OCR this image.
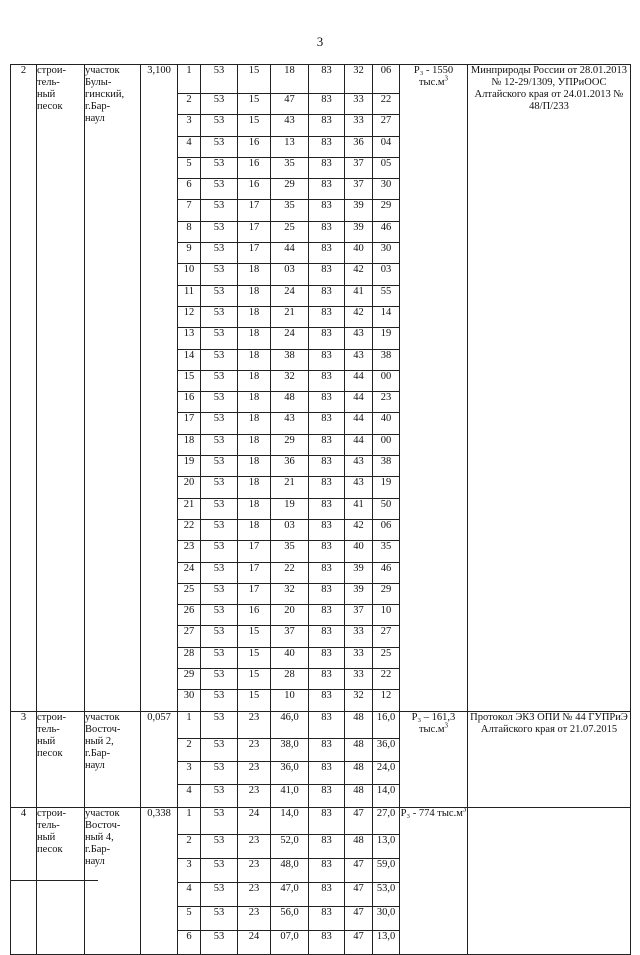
3
2	строи-
тель-
ный
песок	участок
Булы-
гинский,
г.Бар-
наул	3,100	1	53	15	18	83	32	06	P₃ - 1550 $тыс.м^3$	Минприроды России от 28.01.2013 № 12-29/1309, УПРиООС Алтайского края от 24.01.2013 № 48/П/233
				2	53	15	47	83	33	22		
				3	53	15	43	83	33	27		
				4	53	16	13	83	36	04		
				5	53	16	35	83	37	05		
				6	53	16	29	83	37	30		
				7	53	17	35	83	39	29		
				8	53	17	25	83	39	46		
				9	53	17	44	83	40	30		
				10	53	18	03	83	42	03		
				11	53	18	24	83	41	55		
				12	53	18	21	83	42	14		
				13	53	18	24	83	43	19		
				14	53	18	38	83	43	38		
				15	53	18	32	83	44	00		
				16	53	18	48	83	44	23		
				17	53	18	43	83	44	40		
				18	53	18	29	83	44	00		
				19	53	18	36	83	43	38		
				20	53	18	21	83	43	19		
				21	53	18	19	83	41	50		
				22	53	18	03	83	42	06		
				23	53	17	35	83	40	35		
				24	53	17	22	83	39	46		
				25	53	17	32	83	39	29		
				26	53	16	20	83	37	10		
				27	53	15	37	83	33	27		
				28	53	15	40	83	33	25		
				29	53	15	28	83	33	22		
				30	53	15	10	83	32	12		
3	строи-
тель-
ный
песок	участок
Восточ-
ный 2,
г.Бар-
наул	0,057	1	53	23	46,0	83	48	16,0	P₃ – 161,3 $тыс.м^3$	Протокол ЭКЗ ОПИ № 44 ГУПРиЭ Алтайского края от 21.07.2015
				2	53	23	38,0	83	48	36,0		
				3	53	23	36,0	83	48	24,0		
				4	53	23	41,0	83	48	14,0		
4	строи-
тель-
ный
песок	участок
Восточ-
ный 4,
г.Бар-
наул	0,338	1	53	24	14,0	83	47	27,0	P₃ - 774 $тыс.м^3$	
				2	53	23	52,0	83	48	13,0		
				3	53	23	48,0	83	47	59,0		
				4	53	23	47,0	83	47	53,0		
				5	53	23	56,0	83	47	30,0		
				6	53	24	07,0	83	47	13,0		
